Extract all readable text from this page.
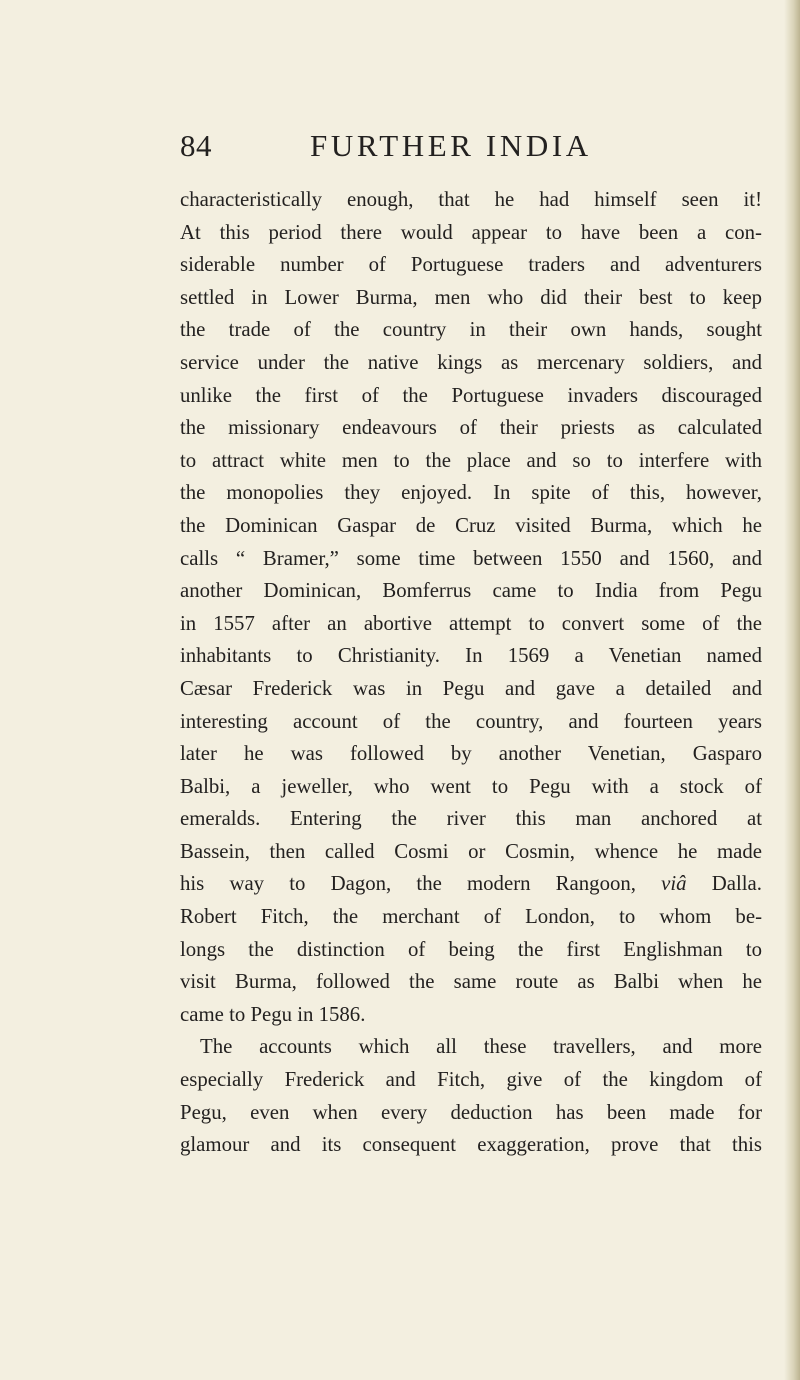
84	FURTHER INDIA
characteristically enough, that he had himself seen it!
At this period there would appear to have been a con-
siderable number of Portuguese traders and adventurers
settled in Lower Burma, men who did their best to keep
the trade of the country in their own hands, sought
service under the native kings as mercenary soldiers, and
unlike the first of the Portuguese invaders discouraged
the missionary endeavours of their priests as calculated
to attract white men to the place and so to interfere with
the monopolies they enjoyed. In spite of this, however,
the Dominican Gaspar de Cruz visited Burma, which he
calls “ Bramer,” some time between 1550 and 1560, and
another Dominican, Bomferrus came to India from Pegu
in 1557 after an abortive attempt to convert some of the
inhabitants to Christianity. In 1569 a Venetian named
Cæsar Frederick was in Pegu and gave a detailed and
interesting account of the country, and fourteen years
later he was followed by another Venetian, Gasparo
Balbi, a jeweller, who went to Pegu with a stock of
emeralds. Entering the river this man anchored at
Bassein, then called Cosmi or Cosmin, whence he made
his way to Dagon, the modern Rangoon, viâ Dalla.
Robert Fitch, the merchant of London, to whom be-
longs the distinction of being the first Englishman to
visit Burma, followed the same route as Balbi when he
came to Pegu in 1586.
The accounts which all these travellers, and more
especially Frederick and Fitch, give of the kingdom of
Pegu, even when every deduction has been made for
glamour and its consequent exaggeration, prove that this
